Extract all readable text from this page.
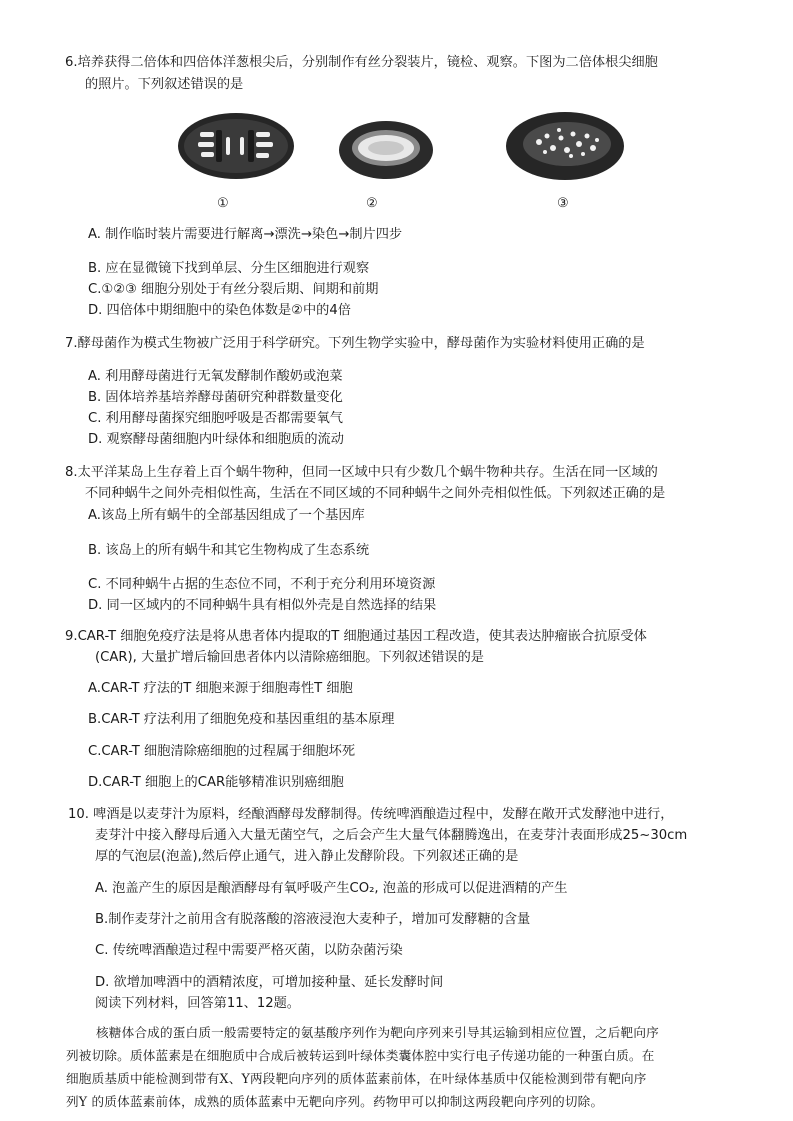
6.培养获得二倍体和四倍体洋葱根尖后，分别制作有丝分裂装片，镜检、观察。下图为二倍体根尖细胞
的照片。下列叙述错误的是
①	②	③
A. 制作临时装片需要进行解离→漂洗→染色→制片四步
B. 应在显微镜下找到单层、分生区细胞进行观察
C.①②③ 细胞分别处于有丝分裂后期、间期和前期
D. 四倍体中期细胞中的染色体数是②中的4倍
7.酵母菌作为模式生物被广泛用于科学研究。下列生物学实验中，酵母菌作为实验材料使用正确的是
A. 利用酵母菌进行无氧发酵制作酸奶或泡菜
B. 固体培养基培养酵母菌研究种群数量变化
C. 利用酵母菌探究细胞呼吸是否都需要氧气
D. 观察酵母菌细胞内叶绿体和细胞质的流动
8.太平洋某岛上生存着上百个蜗牛物种，但同一区域中只有少数几个蜗牛物种共存。生活在同一区域的
不同种蜗牛之间外壳相似性高，生活在不同区域的不同种蜗牛之间外壳相似性低。下列叙述正确的是
A.该岛上所有蜗牛的全部基因组成了一个基因库
B. 该岛上的所有蜗牛和其它生物构成了生态系统
C. 不同种蜗牛占据的生态位不同，不利于充分利用环境资源
D. 同一区域内的不同种蜗牛具有相似外壳是自然选择的结果
9.CAR-T 细胞免疫疗法是将从患者体内提取的T 细胞通过基因工程改造，使其表达肿瘤嵌合抗原受体
(CAR), 大量扩增后输回患者体内以清除癌细胞。下列叙述错误的是
A.CAR-T 疗法的T 细胞来源于细胞毒性T 细胞
B.CAR-T 疗法利用了细胞免疫和基因重组的基本原理
C.CAR-T 细胞清除癌细胞的过程属于细胞坏死
D.CAR-T 细胞上的CAR能够精准识别癌细胞
10. 啤酒是以麦芽汁为原料，经酿酒酵母发酵制得。传统啤酒酿造过程中，发酵在敞开式发酵池中进行，
麦芽汁中接入酵母后通入大量无菌空气，之后会产生大量气体翻腾逸出，在麦芽汁表面形成25~30cm
厚的气泡层(泡盖),然后停止通气，进入静止发酵阶段。下列叙述正确的是
A. 泡盖产生的原因是酿酒酵母有氧呼吸产生CO₂, 泡盖的形成可以促进酒精的产生
B.制作麦芽汁之前用含有脱落酸的溶液浸泡大麦种子，增加可发酵糖的含量
C. 传统啤酒酿造过程中需要严格灭菌，以防杂菌污染
D. 欲增加啤酒中的酒精浓度，可增加接种量、延长发酵时间
阅读下列材料，回答第11、12题。
核糖体合成的蛋白质一般需要特定的氨基酸序列作为靶向序列来引导其运输到相应位置，之后靶向序
列被切除。质体蓝素是在细胞质中合成后被转运到叶绿体类囊体腔中实行电子传递功能的一种蛋白质。在
细胞质基质中能检测到带有X、Y两段靶向序列的质体蓝素前体，在叶绿体基质中仅能检测到带有靶向序
列Y 的质体蓝素前体，成熟的质体蓝素中无靶向序列。药物甲可以抑制这两段靶向序列的切除。
